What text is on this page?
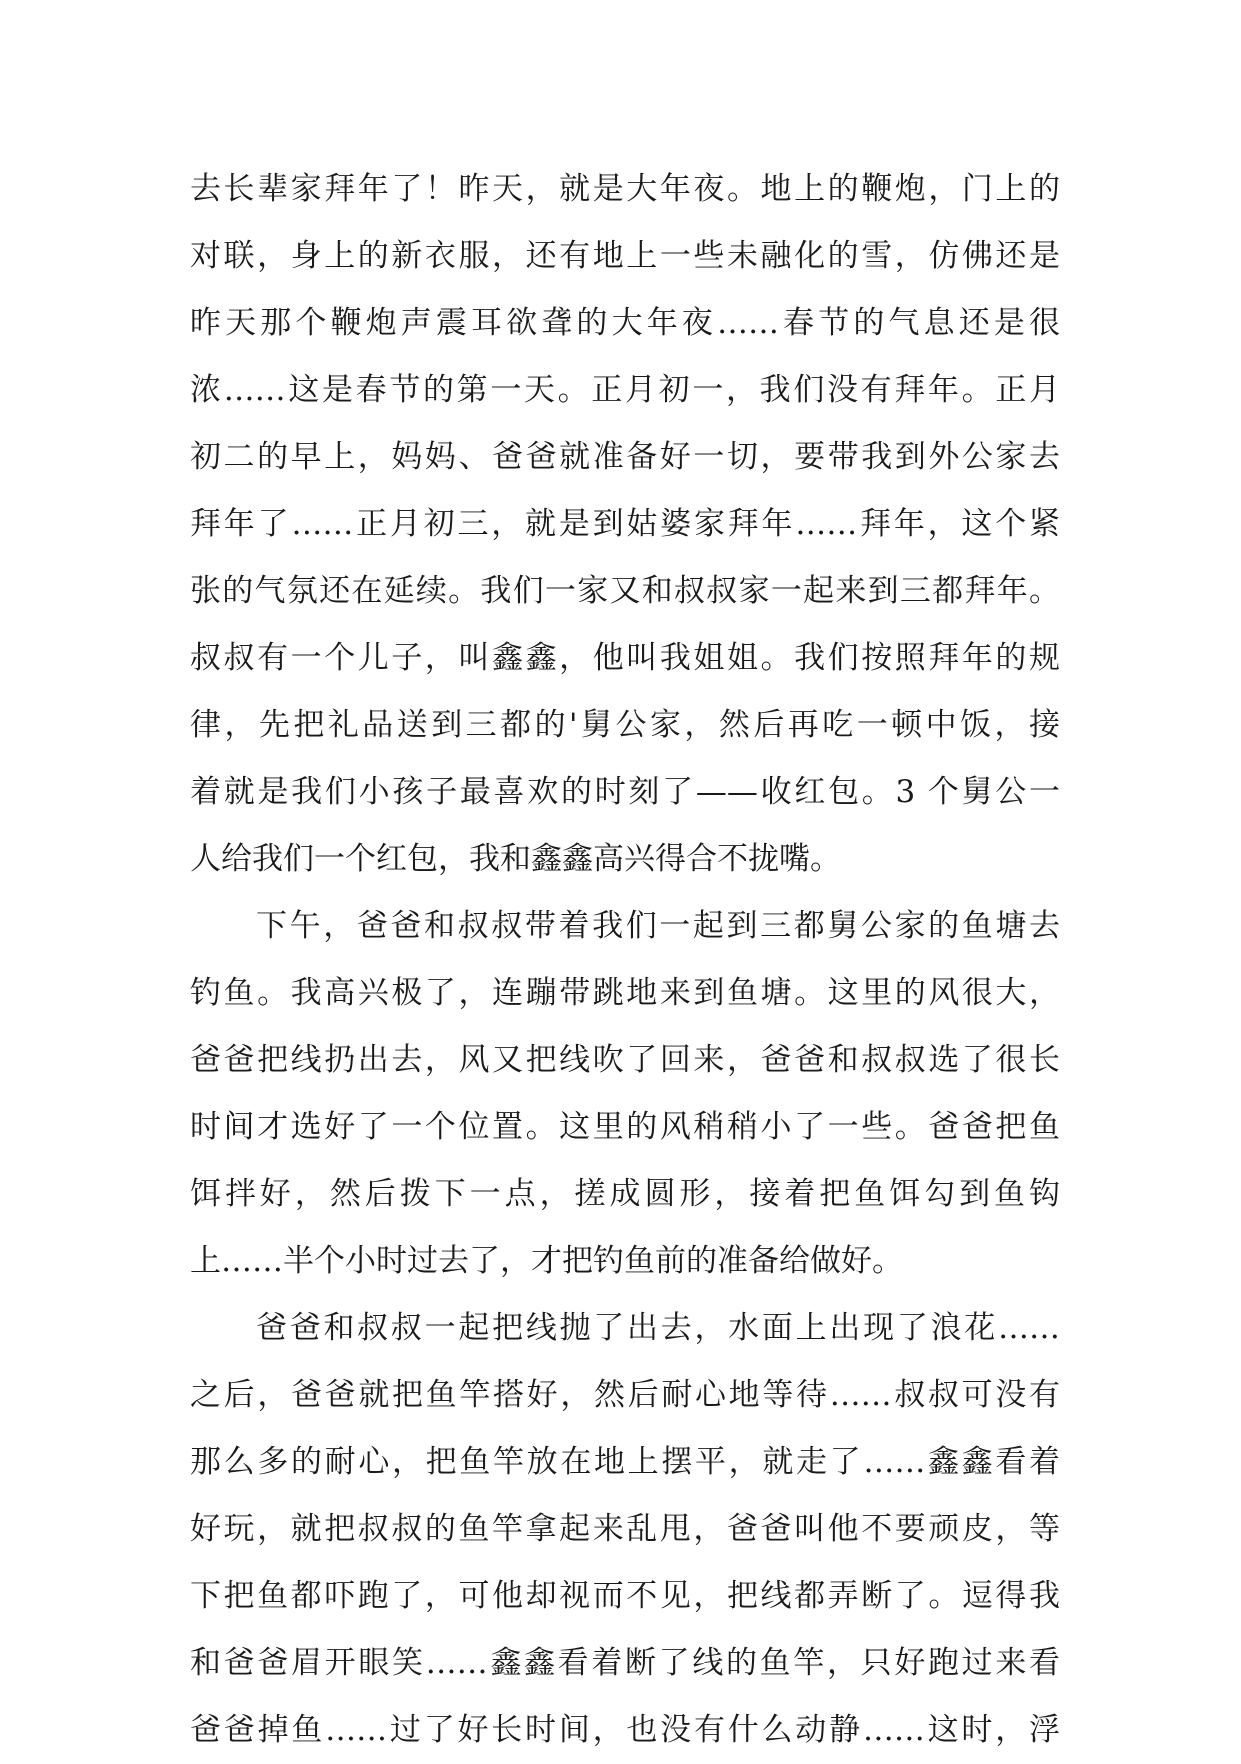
去长辈家拜年了！昨天，就是大年夜。地上的鞭炮，门上的
对联，身上的新衣服，还有地上一些未融化的雪，仿佛还是
昨天那个鞭炮声震耳欲聋的大年夜……春节的气息还是很
浓……这是春节的第一天。正月初一，我们没有拜年。正月
初二的早上，妈妈、爸爸就准备好一切，要带我到外公家去
拜年了……正月初三，就是到姑婆家拜年……拜年，这个紧
张的气氛还在延续。我们一家又和叔叔家一起来到三都拜年。
叔叔有一个儿子，叫鑫鑫，他叫我姐姐。我们按照拜年的规
律，先把礼品送到三都的'舅公家，然后再吃一顿中饭，接
着就是我们小孩子最喜欢的时刻了——收红包。3 个舅公一
人给我们一个红包，我和鑫鑫高兴得合不拢嘴。
下午，爸爸和叔叔带着我们一起到三都舅公家的鱼塘去
钓鱼。我高兴极了，连蹦带跳地来到鱼塘。这里的风很大，
爸爸把线扔出去，风又把线吹了回来，爸爸和叔叔选了很长
时间才选好了一个位置。这里的风稍稍小了一些。爸爸把鱼
饵拌好，然后拨下一点，搓成圆形，接着把鱼饵勾到鱼钩
上……半个小时过去了，才把钓鱼前的准备给做好。
爸爸和叔叔一起把线抛了出去，水面上出现了浪花……
之后，爸爸就把鱼竿搭好，然后耐心地等待……叔叔可没有
那么多的耐心，把鱼竿放在地上摆平，就走了……鑫鑫看着
好玩，就把叔叔的鱼竿拿起来乱甩，爸爸叫他不要顽皮，等
下把鱼都吓跑了，可他却视而不见，把线都弄断了。逗得我
和爸爸眉开眼笑……鑫鑫看着断了线的鱼竿，只好跑过来看
爸爸掉鱼……过了好长时间，也没有什么动静……这时，浮
